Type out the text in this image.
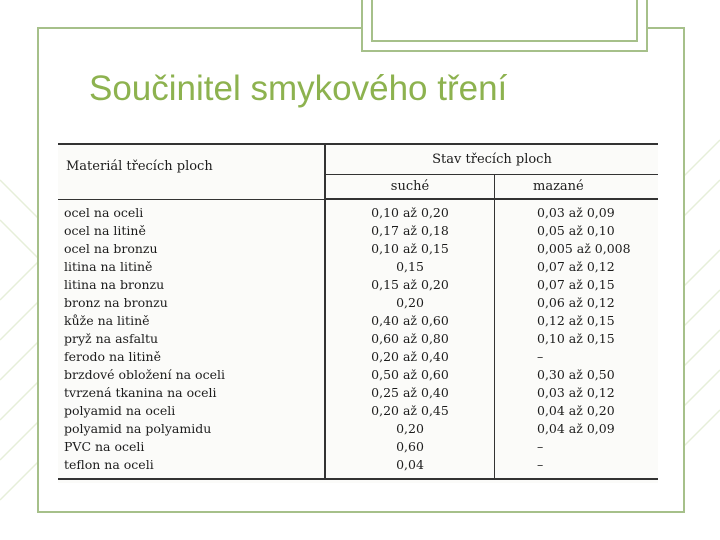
Součinitel smykového tření
Materiál třecích ploch	Stav třecích ploch	
	suché	mazané

ocel na oceli	0,10 až 0,20	0,03 až 0,09
ocel na litině	0,17 až 0,18	0,05 až 0,10
ocel na bronzu	0,10 až 0,15	0,005 až 0,008
litina na litině	0,15	0,07 až 0,12
litina na bronzu	0,15 až 0,20	0,07 až 0,15
bronz na bronzu	0,20	0,06 až 0,12
kůže na litině	0,40 až 0,60	0,12 až 0,15
pryž na asfaltu	0,60 až 0,80	0,10 až 0,15
ferodo na litině	0,20 až 0,40	–
brzdové obložení na oceli	0,50 až 0,60	0,30 až 0,50
tvrzená tkanina na oceli	0,25 až 0,40	0,03 až 0,12
polyamid na oceli	0,20 až 0,45	0,04 až 0,20
polyamid na polyamidu	0,20	0,04 až 0,09
PVC na oceli	0,60	–
teflon na oceli	0,04	–
